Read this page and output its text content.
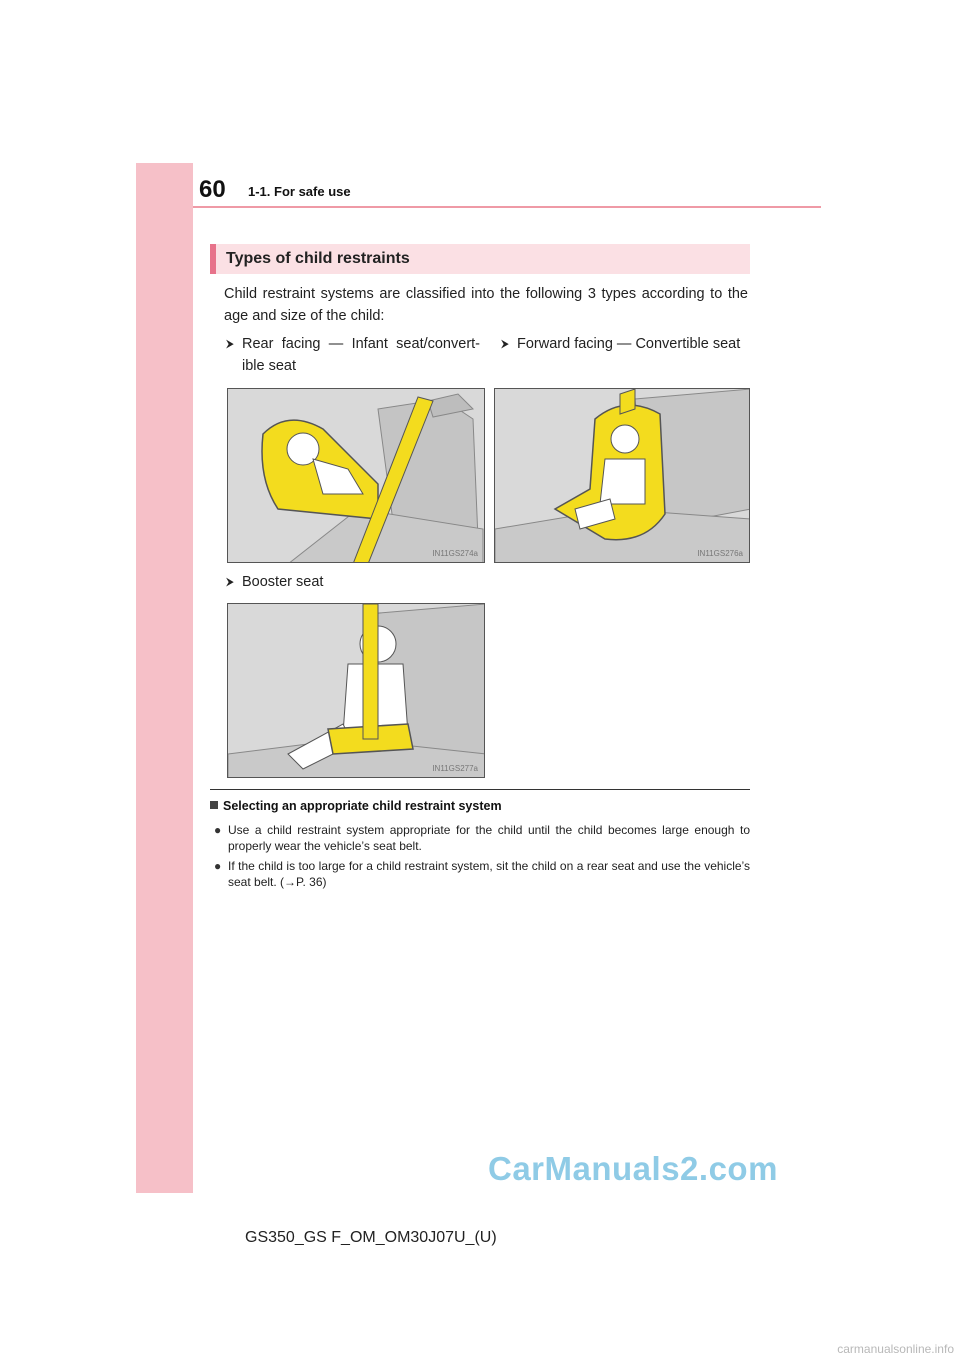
60 1-1. For safe use
Types of child restraints
Child restraint systems are classified into the following 3 types according to the age and size of the child:
⮞ Rear facing — Infant seat/convert-ible seat
⮞ Forward facing — Convertible seat
IN11GS274a	IN11GS276a
⮞ Booster seat
IN11GS277a
Selecting an appropriate child restraint system
● Use a child restraint system appropriate for the child until the child becomes large enough to properly wear the vehicle’s seat belt.
● If the child is too large for a child restraint system, sit the child on a rear seat and use the vehicle’s seat belt. (→P. 36)
CarManuals2.com
GS350_GS F_OM_OM30J07U_(U)
carmanualsonline.info
